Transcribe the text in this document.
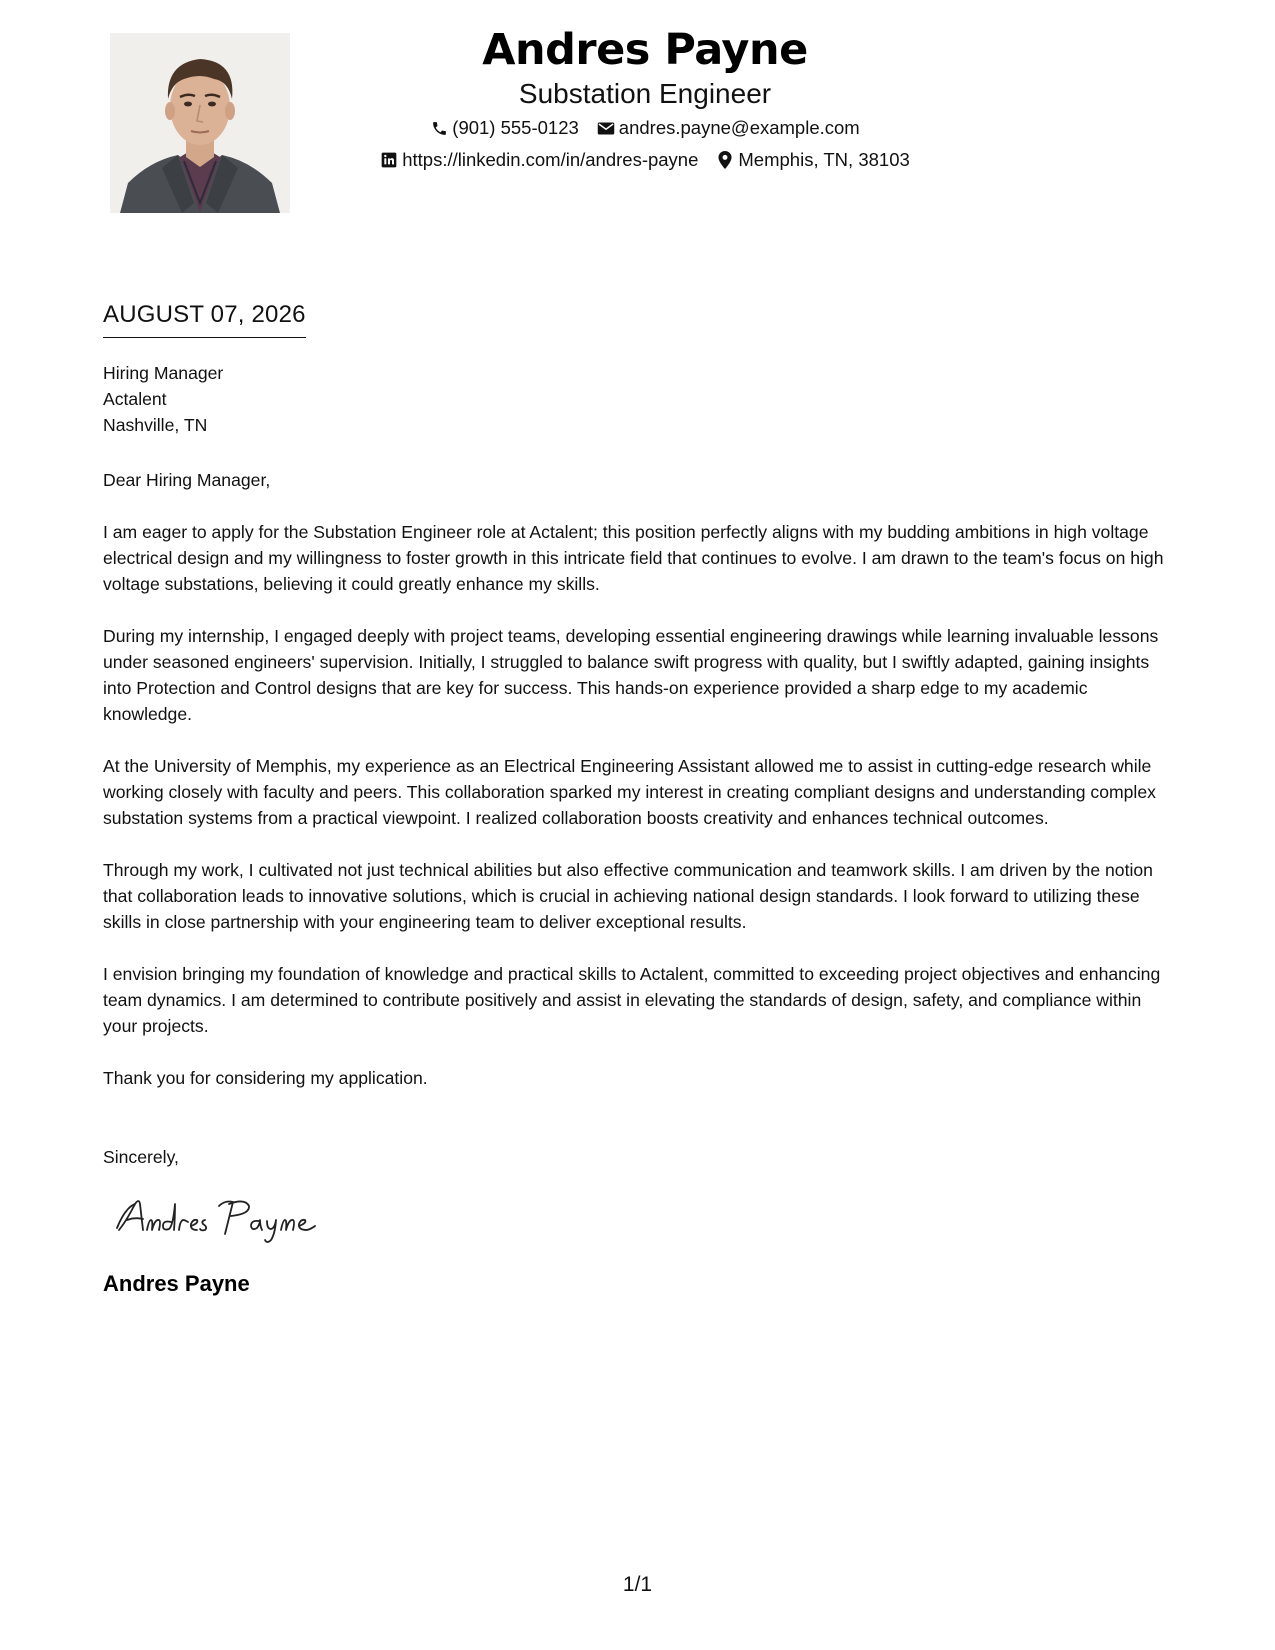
Andres Payne
Substation Engineer
(901) 555-0123 andres.payne@example.com
https://linkedin.com/in/andres-payne Memphis, TN, 38103
AUGUST 07, 2026
Hiring Manager
Actalent
Nashville, TN
Dear Hiring Manager,
I am eager to apply for the Substation Engineer role at Actalent; this position perfectly aligns with my budding ambitions in high voltage electrical design and my willingness to foster growth in this intricate field that continues to evolve. I am drawn to the team's focus on high voltage substations, believing it could greatly enhance my skills.
During my internship, I engaged deeply with project teams, developing essential engineering drawings while learning invaluable lessons under seasoned engineers' supervision. Initially, I struggled to balance swift progress with quality, but I swiftly adapted, gaining insights into Protection and Control designs that are key for success. This hands-on experience provided a sharp edge to my academic knowledge.
At the University of Memphis, my experience as an Electrical Engineering Assistant allowed me to assist in cutting-edge research while working closely with faculty and peers. This collaboration sparked my interest in creating compliant designs and understanding complex substation systems from a practical viewpoint. I realized collaboration boosts creativity and enhances technical outcomes.
Through my work, I cultivated not just technical abilities but also effective communication and teamwork skills. I am driven by the notion that collaboration leads to innovative solutions, which is crucial in achieving national design standards. I look forward to utilizing these skills in close partnership with your engineering team to deliver exceptional results.
I envision bringing my foundation of knowledge and practical skills to Actalent, committed to exceeding project objectives and enhancing team dynamics. I am determined to contribute positively and assist in elevating the standards of design, safety, and compliance within your projects.
Thank you for considering my application.
Sincerely,
Andres Payne
1/1
